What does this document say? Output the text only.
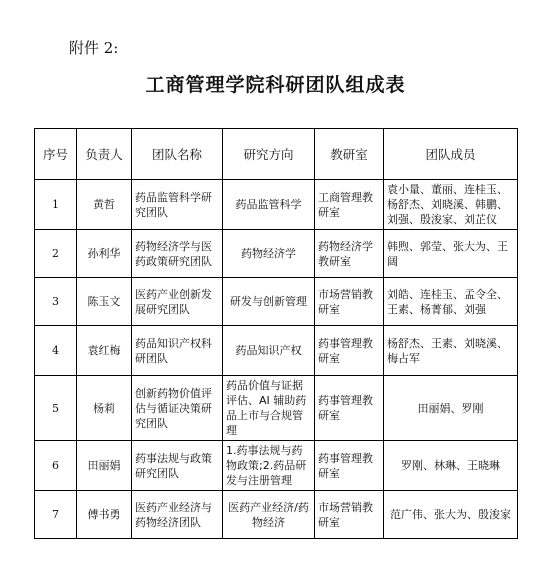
附件 2:
工商管理学院科研团队组成表
序号	负责人	团队名称	研究方向	教研室	团队成员
1	黄哲	药品监管科学研究团队	药品监管科学	工商管理教研室	袁小量、董丽、连桂玉、杨舒杰、刘晓溪、韩鹏、刘强、殷浚家、刘芷仪
2	孙利华	药物经济学与医药政策研究团队	药物经济学	药物经济学教研室	韩煦、郭莹、张大为、王阔
3	陈玉文	医药产业创新发展研究团队	研发与创新管理	市场营销教研室	刘皓、连桂玉、孟令全、王素、杨菁郁、刘强
4	袁红梅	药品知识产权科研团队	药品知识产权	药事管理教研室	杨舒杰、王素、刘晓溪、梅占军
5	杨莉	创新药物价值评估与循证决策研究团队	药品价值与证据评估、AI 辅助药品上市与合规管理	药事管理教研室	田丽娟、罗刚
6	田丽娟	药事法规与政策研究团队	1.药事法规与药物政策;2.药品研发与注册管理	药事管理教研室	罗刚、林琳、王晓琳
7	傅书勇	医药产业经济与药物经济团队	医药产业经济/药物经济	市场营销教研室	范广伟、张大为、殷浚家
